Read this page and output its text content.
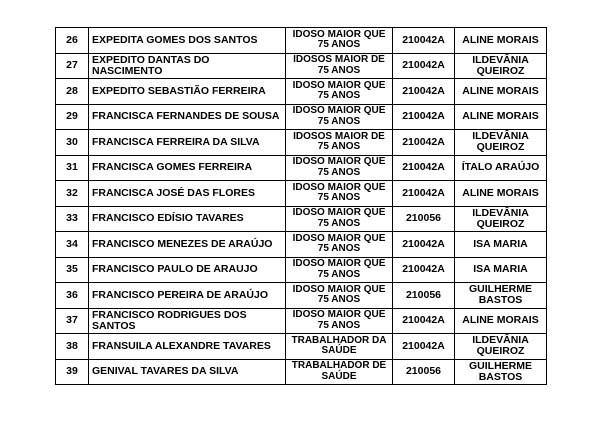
26	EXPEDITA GOMES DOS SANTOS	IDOSO MAIOR QUE 75 ANOS	210042A	ALINE MORAIS
27	EXPEDITO DANTAS DO NASCIMENTO	IDOSOS MAIOR DE 75 ANOS	210042A	ILDEVÂNIA QUEIROZ
28	EXPEDITO SEBASTIÃO FERREIRA	IDOSO MAIOR QUE 75 ANOS	210042A	ALINE MORAIS
29	FRANCISCA FERNANDES DE SOUSA	IDOSO MAIOR QUE 75 ANOS	210042A	ALINE MORAIS
30	FRANCISCA FERREIRA DA SILVA	IDOSOS MAIOR DE 75 ANOS	210042A	ILDEVÂNIA QUEIROZ
31	FRANCISCA GOMES FERREIRA	IDOSO MAIOR QUE 75 ANOS	210042A	ÍTALO ARAÚJO
32	FRANCISCA JOSÉ DAS FLORES	IDOSO MAIOR QUE 75 ANOS	210042A	ALINE MORAIS
33	FRANCISCO EDÍSIO TAVARES	IDOSO MAIOR QUE 75 ANOS	210056	ILDEVÂNIA QUEIROZ
34	FRANCISCO MENEZES DE ARAÚJO	IDOSO MAIOR QUE 75 ANOS	210042A	ISA MARIA
35	FRANCISCO PAULO DE ARAUJO	IDOSO MAIOR QUE 75 ANOS	210042A	ISA MARIA
36	FRANCISCO PEREIRA DE ARAÚJO	IDOSO MAIOR QUE 75 ANOS	210056	GUILHERME BASTOS
37	FRANCISCO RODRIGUES DOS SANTOS	IDOSO MAIOR QUE 75 ANOS	210042A	ALINE MORAIS
38	FRANSUILA ALEXANDRE TAVARES	TRABALHADOR DA SAÚDE	210042A	ILDEVÂNIA QUEIROZ
39	GENIVAL TAVARES DA SILVA	TRABALHADOR DE SAÚDE	210056	GUILHERME BASTOS
